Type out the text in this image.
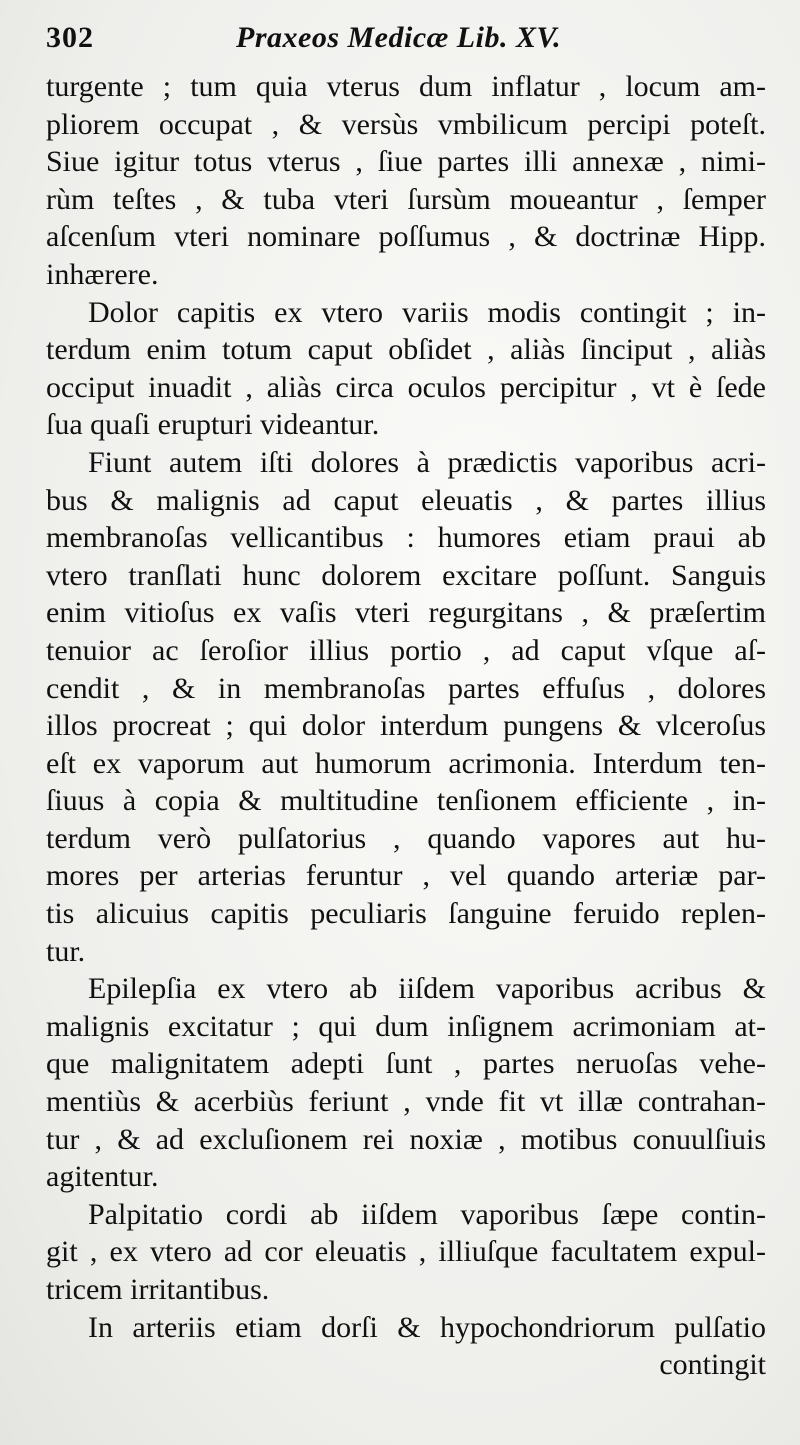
302	Praxeos Medicæ Lib. XV.
turgente ; tum quia vterus dum inflatur , locum am-
pliorem occupat , & versùs vmbilicum percipi poteſt.
Siue igitur totus vterus , ſiue partes illi annexæ , nimi-
rùm teſtes , & tuba vteri ſursùm moueantur , ſemper
aſcenſum vteri nominare poſſumus , & doctrinæ Hipp.
inhærere.
Dolor capitis ex vtero variis modis contingit ; in-
terdum enim totum caput obſidet , aliàs ſinciput , aliàs
occiput inuadit , aliàs circa oculos percipitur , vt è ſede
ſua quaſi erupturi videantur.
Fiunt autem iſti dolores à prædictis vaporibus acri-
bus & malignis ad caput eleuatis , & partes illius
membranoſas vellicantibus : humores etiam praui ab
vtero tranſlati hunc dolorem excitare poſſunt. Sanguis
enim vitioſus ex vaſis vteri regurgitans , & præſertim
tenuior ac ſeroſior illius portio , ad caput vſque aſ-
cendit , & in membranoſas partes effuſus , dolores
illos procreat ; qui dolor interdum pungens & vlceroſus
eſt ex vaporum aut humorum acrimonia. Interdum ten-
ſiuus à copia & multitudine tenſionem efficiente , in-
terdum verò pulſatorius , quando vapores aut hu-
mores per arterias feruntur , vel quando arteriæ par-
tis alicuius capitis peculiaris ſanguine feruido replen-
tur.
Epilepſia ex vtero ab iiſdem vaporibus acribus &
malignis excitatur ; qui dum inſignem acrimoniam at-
que malignitatem adepti ſunt , partes neruoſas vehe-
mentiùs & acerbiùs feriunt , vnde fit vt illæ contrahan-
tur , & ad excluſionem rei noxiæ , motibus conuulſiuis
agitentur.
Palpitatio cordi ab iiſdem vaporibus ſæpe contin-
git , ex vtero ad cor eleuatis , illiuſque facultatem expul-
tricem irritantibus.
In arteriis etiam dorſi & hypochondriorum pulſatio
contingit
